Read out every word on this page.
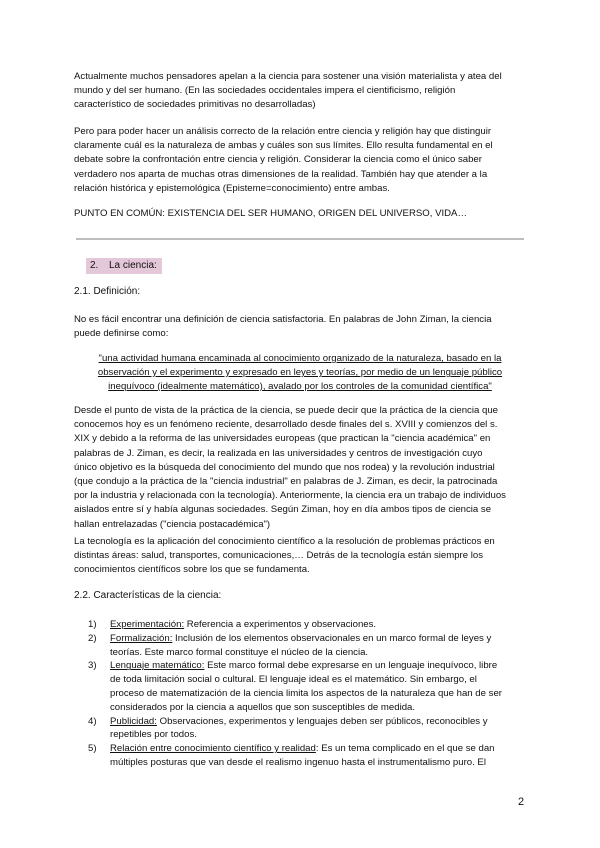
Actualmente muchos pensadores apelan a la ciencia para sostener una visión materialista y atea del
mundo y del ser humano. (En las sociedades occidentales impera el cientificismo, religión
característico de sociedades primitivas no desarrolladas)

Pero para poder hacer un análisis correcto de la relación entre ciencia y religión hay que distinguir
claramente cuál es la naturaleza de ambas y cuáles son sus límites. Ello resulta fundamental en el
debate sobre la confrontación entre ciencia y religión. Considerar la ciencia como el único saber
verdadero nos aparta de muchas otras dimensiones de la realidad. También hay que atender a la
relación histórica y epistemológica (Episteme=conocimiento) entre ambas.

PUNTO EN COMÚN: EXISTENCIA DEL SER HUMANO, ORIGEN DEL UNIVERSO, VIDA…

2. La ciencia:
2.1. Definición:

No es fácil encontrar una definición de ciencia satisfactoria. En palabras de John Ziman, la ciencia
puede definirse como:

"una actividad humana encaminada al conocimiento organizado de la naturaleza, basado en la
observación y el experimento y expresado en leyes y teorías, por medio de un lenguaje público
inequívoco (idealmente matemático), avalado por los controles de la comunidad científica"

Desde el punto de vista de la práctica de la ciencia, se puede decir que la práctica de la ciencia que
conocemos hoy es un fenómeno reciente, desarrollado desde finales del s. XVIII y comienzos del s.
XIX y debido a la reforma de las universidades europeas (que practican la "ciencia académica" en
palabras de J. Ziman, es decir, la realizada en las universidades y centros de investigación cuyo
único objetivo es la búsqueda del conocimiento del mundo que nos rodea) y la revolución industrial
(que condujo a la práctica de la "ciencia industrial" en palabras de J. Ziman, es decir, la patrocinada
por la industria y relacionada con la tecnología). Anteriormente, la ciencia era un trabajo de individuos
aislados entre sí y había algunas sociedades. Según Ziman, hoy en día ambos tipos de ciencia se
hallan entrelazadas ("ciencia postacadémica")

La tecnología es la aplicación del conocimiento científico a la resolución de problemas prácticos en
distintas áreas: salud, transportes, comunicaciones,… Detrás de la tecnología están siempre los
conocimientos científicos sobre los que se fundamenta.

2.2. Características de la ciencia:
1) Experimentación: Referencia a experimentos y observaciones.
2) Formalización: Inclusión de los elementos observacionales en un marco formal de leyes y
teorías. Este marco formal constituye el núcleo de la ciencia.
3) Lenguaje matemático: Este marco formal debe expresarse en un lenguaje inequívoco, libre
de toda limitación social o cultural. El lenguaje ideal es el matemático. Sin embargo, el
proceso de matematización de la ciencia limita los aspectos de la naturaleza que han de ser
considerados por la ciencia a aquellos que son susceptibles de medida.
4) Publicidad: Observaciones, experimentos y lenguajes deben ser públicos, reconocibles y
repetibles por todos.
5) Relación entre conocimiento científico y realidad: Es un tema complicado en el que se dan
múltiples posturas que van desde el realismo ingenuo hasta el instrumentalismo puro. El
2
